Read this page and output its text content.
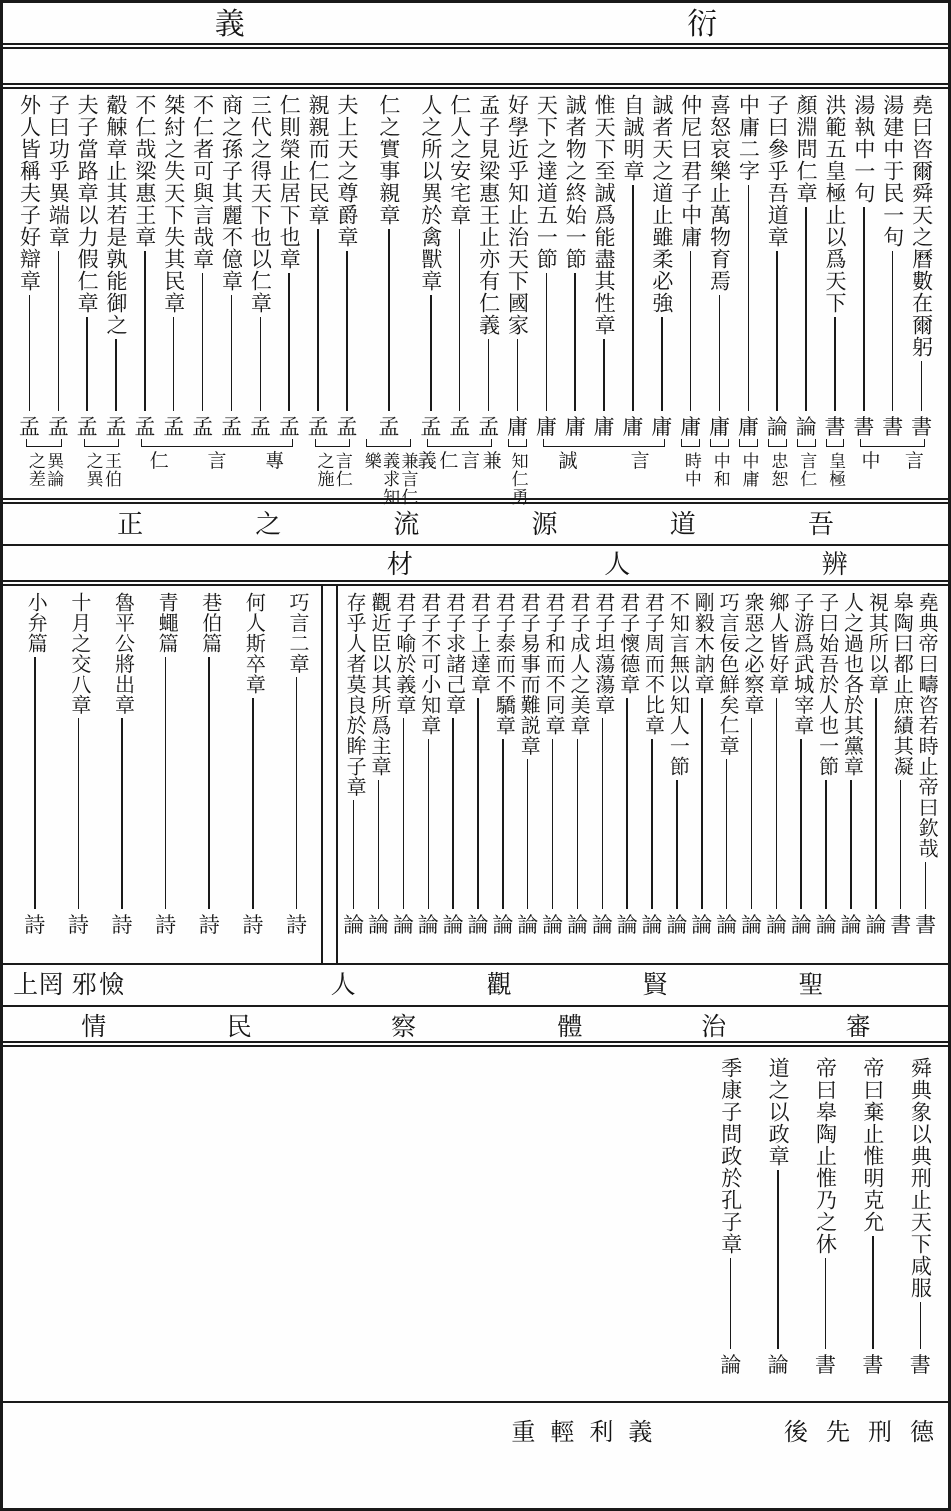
衍
義
堯曰咨爾舜天之曆數在爾躬
書
湯建中于民一句
書
湯執中一句
書
洪範五皇極止以爲天下
書
顏淵問仁章
論
子曰參乎吾道章
論
中庸二字
庸
喜怒哀樂止萬物育焉
庸
仲尼曰君子中庸
庸
誠者天之道止雖柔必強
庸
自誠明章
庸
惟天下至誠爲能盡其性章
庸
誠者物之終始一節
庸
天下之達道五一節
庸
好學近乎知止治天下國家
庸
孟子見梁惠王止亦有仁義
孟
仁人之安宅章
孟
人之所以異於禽獸章
孟
仁之實事親章
孟
夫上天之尊爵章
孟
親親而仁民章
孟
仁則榮止居下也章
孟
三代之得天下也以仁章
孟
商之孫子其麗不億章
孟
不仁者可與言哉章
孟
桀紂之失天下失其民章
孟
不仁哉梁惠王章
孟
觳觫章止其若是孰能御之
孟
夫子當路章以力假仁章
孟
子曰功乎異端章
孟
外人皆稱夫子好辯章
孟
言
中
皇極
言仁
忠恕
中庸
中和
時中
言
誠
知仁勇
兼
言
仁
義
兼言仁義求知樂
言仁之施
專
言
仁
王伯之異
異論之差
吾
道
源
流
之
正
辨
人
材
巧言二章
詩
何人斯卒章
詩
巷伯篇
詩
青蠅篇
詩
魯平公將出章
詩
十月之交八章
詩
小弁篇
詩
堯典帝曰疇咨若時止帝曰欽哉
書
皋陶曰都止庶績其凝
書
視其所以章
論
人之過也各於其黨章
論
子曰始吾於人也一節
論
子游爲武城宰章
論
鄉人皆好章
論
衆惡之必察章
論
巧言佞色鮮矣仁章
論
剛毅木訥章
論
不知言無以知人一節
論
君子周而不比章
論
君子懷德章
論
君子坦蕩蕩章
論
君子成人之美章
論
君子和而不同章
論
君子易事而難説章
論
君子泰而不驕章
論
君子上達章
論
君子求諸己章
論
君子不可小知章
論
君子喻於義章
論
觀近臣以其所爲主章
論
存乎人者莫良於眸子章
論
聖
賢
觀
人
憸
邪
罔
上
審
治
體
察
民
情
舜典象以典刑止天下咸服
書
帝曰棄止惟明克允
書
帝曰皋陶止惟乃之休
書
道之以政章
論
季康子問政於孔子章
論
德
刑
先
後
義
利
輕
重
